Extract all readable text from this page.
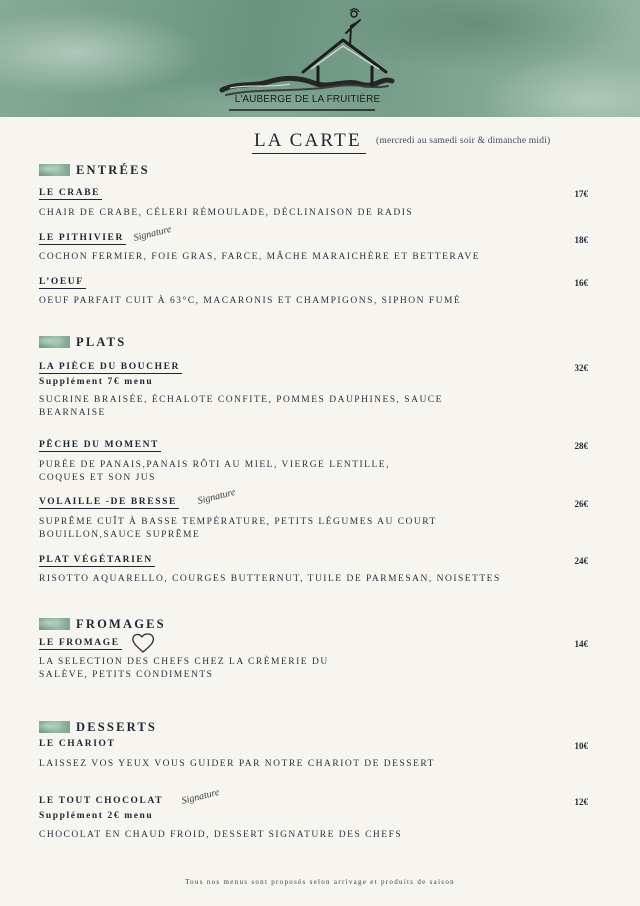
L'AUBERGE DE LA FRUITIÈRE
LA CARTE	(mercredi au samedi soir & dimanche midi)
ENTRÉES
LE CRABE	17€
CHAIR DE CRABE, CÉLERI RÉMOULADE, DÉCLINAISON DE RADIS
LE PITHIVIER Signature	18€
COCHON FERMIER, FOIE GRAS, FARCE, MÂCHE MARAICHÈRE ET BETTERAVE
L’OEUF	16€
OEUF PARFAIT CUIT À 63°C, MACARONIS ET CHAMPIGONS, SIPHON FUMÉ
PLATS
LA PIÈCE DU BOUCHER	32€
Supplément 7€ menu
SUCRINE BRAISÉE, ÉCHALOTE CONFITE, POMMES DAUPHINES, SAUCE
BEARNAISE
PÊCHE DU MOMENT	28€
PURÉE DE PANAIS,PANAIS RÔTI AU MIEL, VIERGE LENTILLE,
COQUES ET SON JUS
VOLAILLE -DE BRESSE Signature	26€
SUPRÊME CUÎT À BASSE TEMPÉRATURE, PETITS LÉGUMES AU COURT
BOUILLON,SAUCE SUPRÊME
PLAT VÉGÉTARIEN	24€
RISOTTO AQUARELLO, COURGES BUTTERNUT, TUILE DE PARMESAN, NOISETTES
FROMAGES
LE FROMAGE	14€
LA SELECTION DES CHEFS CHEZ LA CRÈMERIE DU
SALÈVE, PETITS CONDIMENTS
DESSERTS
LE CHARIOT	10€
LAISSEZ VOS YEUX VOUS GUIDER PAR NOTRE CHARIOT DE DESSERT
LE TOUT CHOCOLAT Signature	12€
Supplément 2€ menu
CHOCOLAT EN CHAUD FROID, DESSERT SIGNATURE DES CHEFS
Tous nos menus sont proposés selon arrivage et produits de saison
